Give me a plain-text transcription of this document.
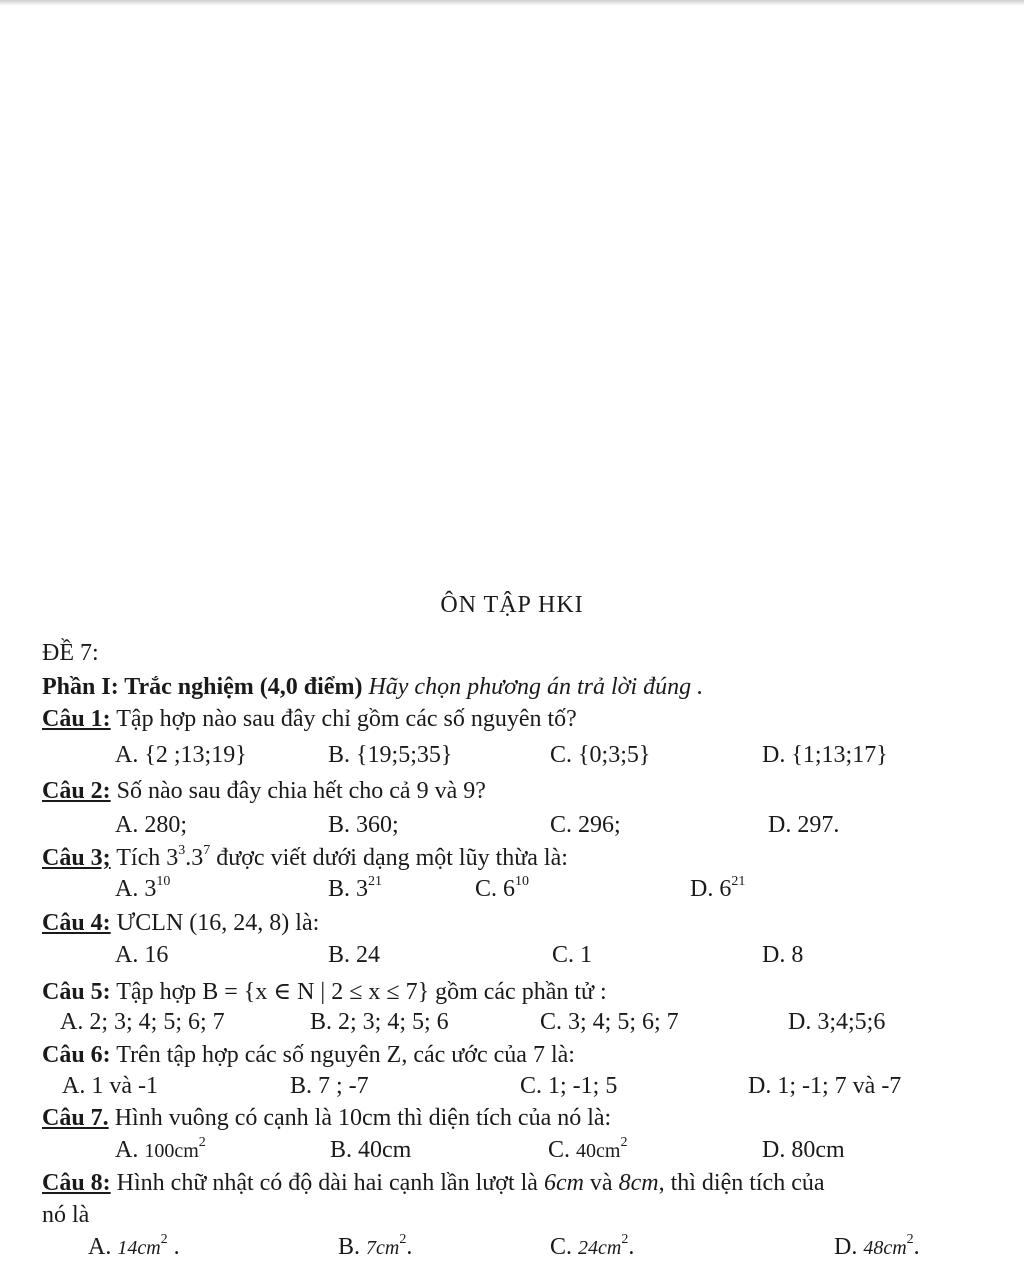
ÔN TẬP HKI
ĐỀ 7:
Phần I: Trắc nghiệm (4,0 điểm) Hãy chọn phương án trả lời đúng .
Câu 1: Tập hợp nào sau đây chỉ gồm các số nguyên tố?
A. {2 ;13;19}	B. {19;5;35}	C. {0;3;5}	D. {1;13;17}
Câu 2: Số nào sau đây chia hết cho cả 9 và 9?
A. 280;	B. 360;	C. 296;	D. 297.
Câu 3; Tích $3^3.3^7$ được viết dưới dạng một lũy thừa là:
A. $3^{10}$	B. $3^{21}$	C. $6^{10}$	D. $6^{21}$
Câu 4: ƯCLN (16, 24, 8) là:
A. 16	B. 24	C. 1	D. 8
Câu 5: Tập hợp B = {x ∈ N | 2 ≤ x ≤ 7} gồm các phần tử :
A. 2; 3; 4; 5; 6; 7	B. 2; 3; 4; 5; 6	C. 3; 4; 5; 6; 7	D. 3;4;5;6
Câu 6: Trên tập hợp các số nguyên Z, các ước của 7 là:
A. 1 và -1	B. 7 ; -7	C. 1; -1; 5	D. 1; -1; 7 và -7
Câu 7. Hình vuông có cạnh là 10cm thì diện tích của nó là:
A. $100cm^2$	B. 40cm	C. $40cm^2$	D. 80cm
Câu 8: Hình chữ nhật có độ dài hai cạnh lần lượt là 6cm và 8cm, thì diện tích của
nó là
A. $14cm^2$ .	B. $7cm^2$.	C. $24cm^2$.	D. $48cm^2$.
